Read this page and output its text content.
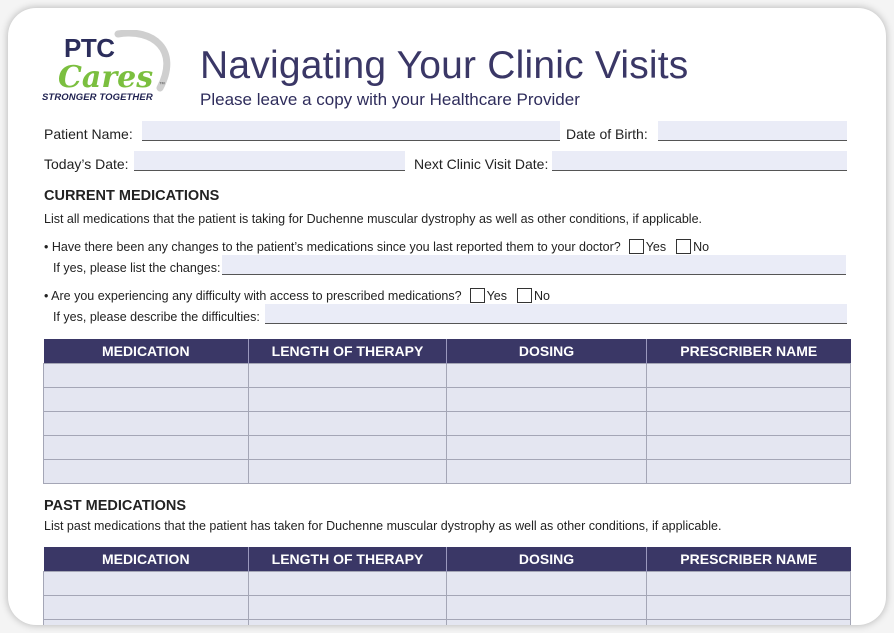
PTC
Cares ™
STRONGER TOGETHER
Navigating Your Clinic Visits
Please leave a copy with your Healthcare Provider
Patient Name:	Date of Birth:
Today’s Date:	Next Clinic Visit Date:
CURRENT MEDICATIONS
List all medications that the patient is taking for Duchenne muscular dystrophy as well as other conditions, if applicable.
• Have there been any changes to the patient’s medications since you last reported them to your doctor? Yes No
If yes, please list the changes:
• Are you experiencing any difficulty with access to prescribed medications? Yes No
If yes, please describe the difficulties:
MEDICATION	LENGTH OF THERAPY	DOSING	PRESCRIBER NAME

PAST MEDICATIONS
List past medications that the patient has taken for Duchenne muscular dystrophy as well as other conditions, if applicable.
MEDICATION	LENGTH OF THERAPY	DOSING	PRESCRIBER NAME
